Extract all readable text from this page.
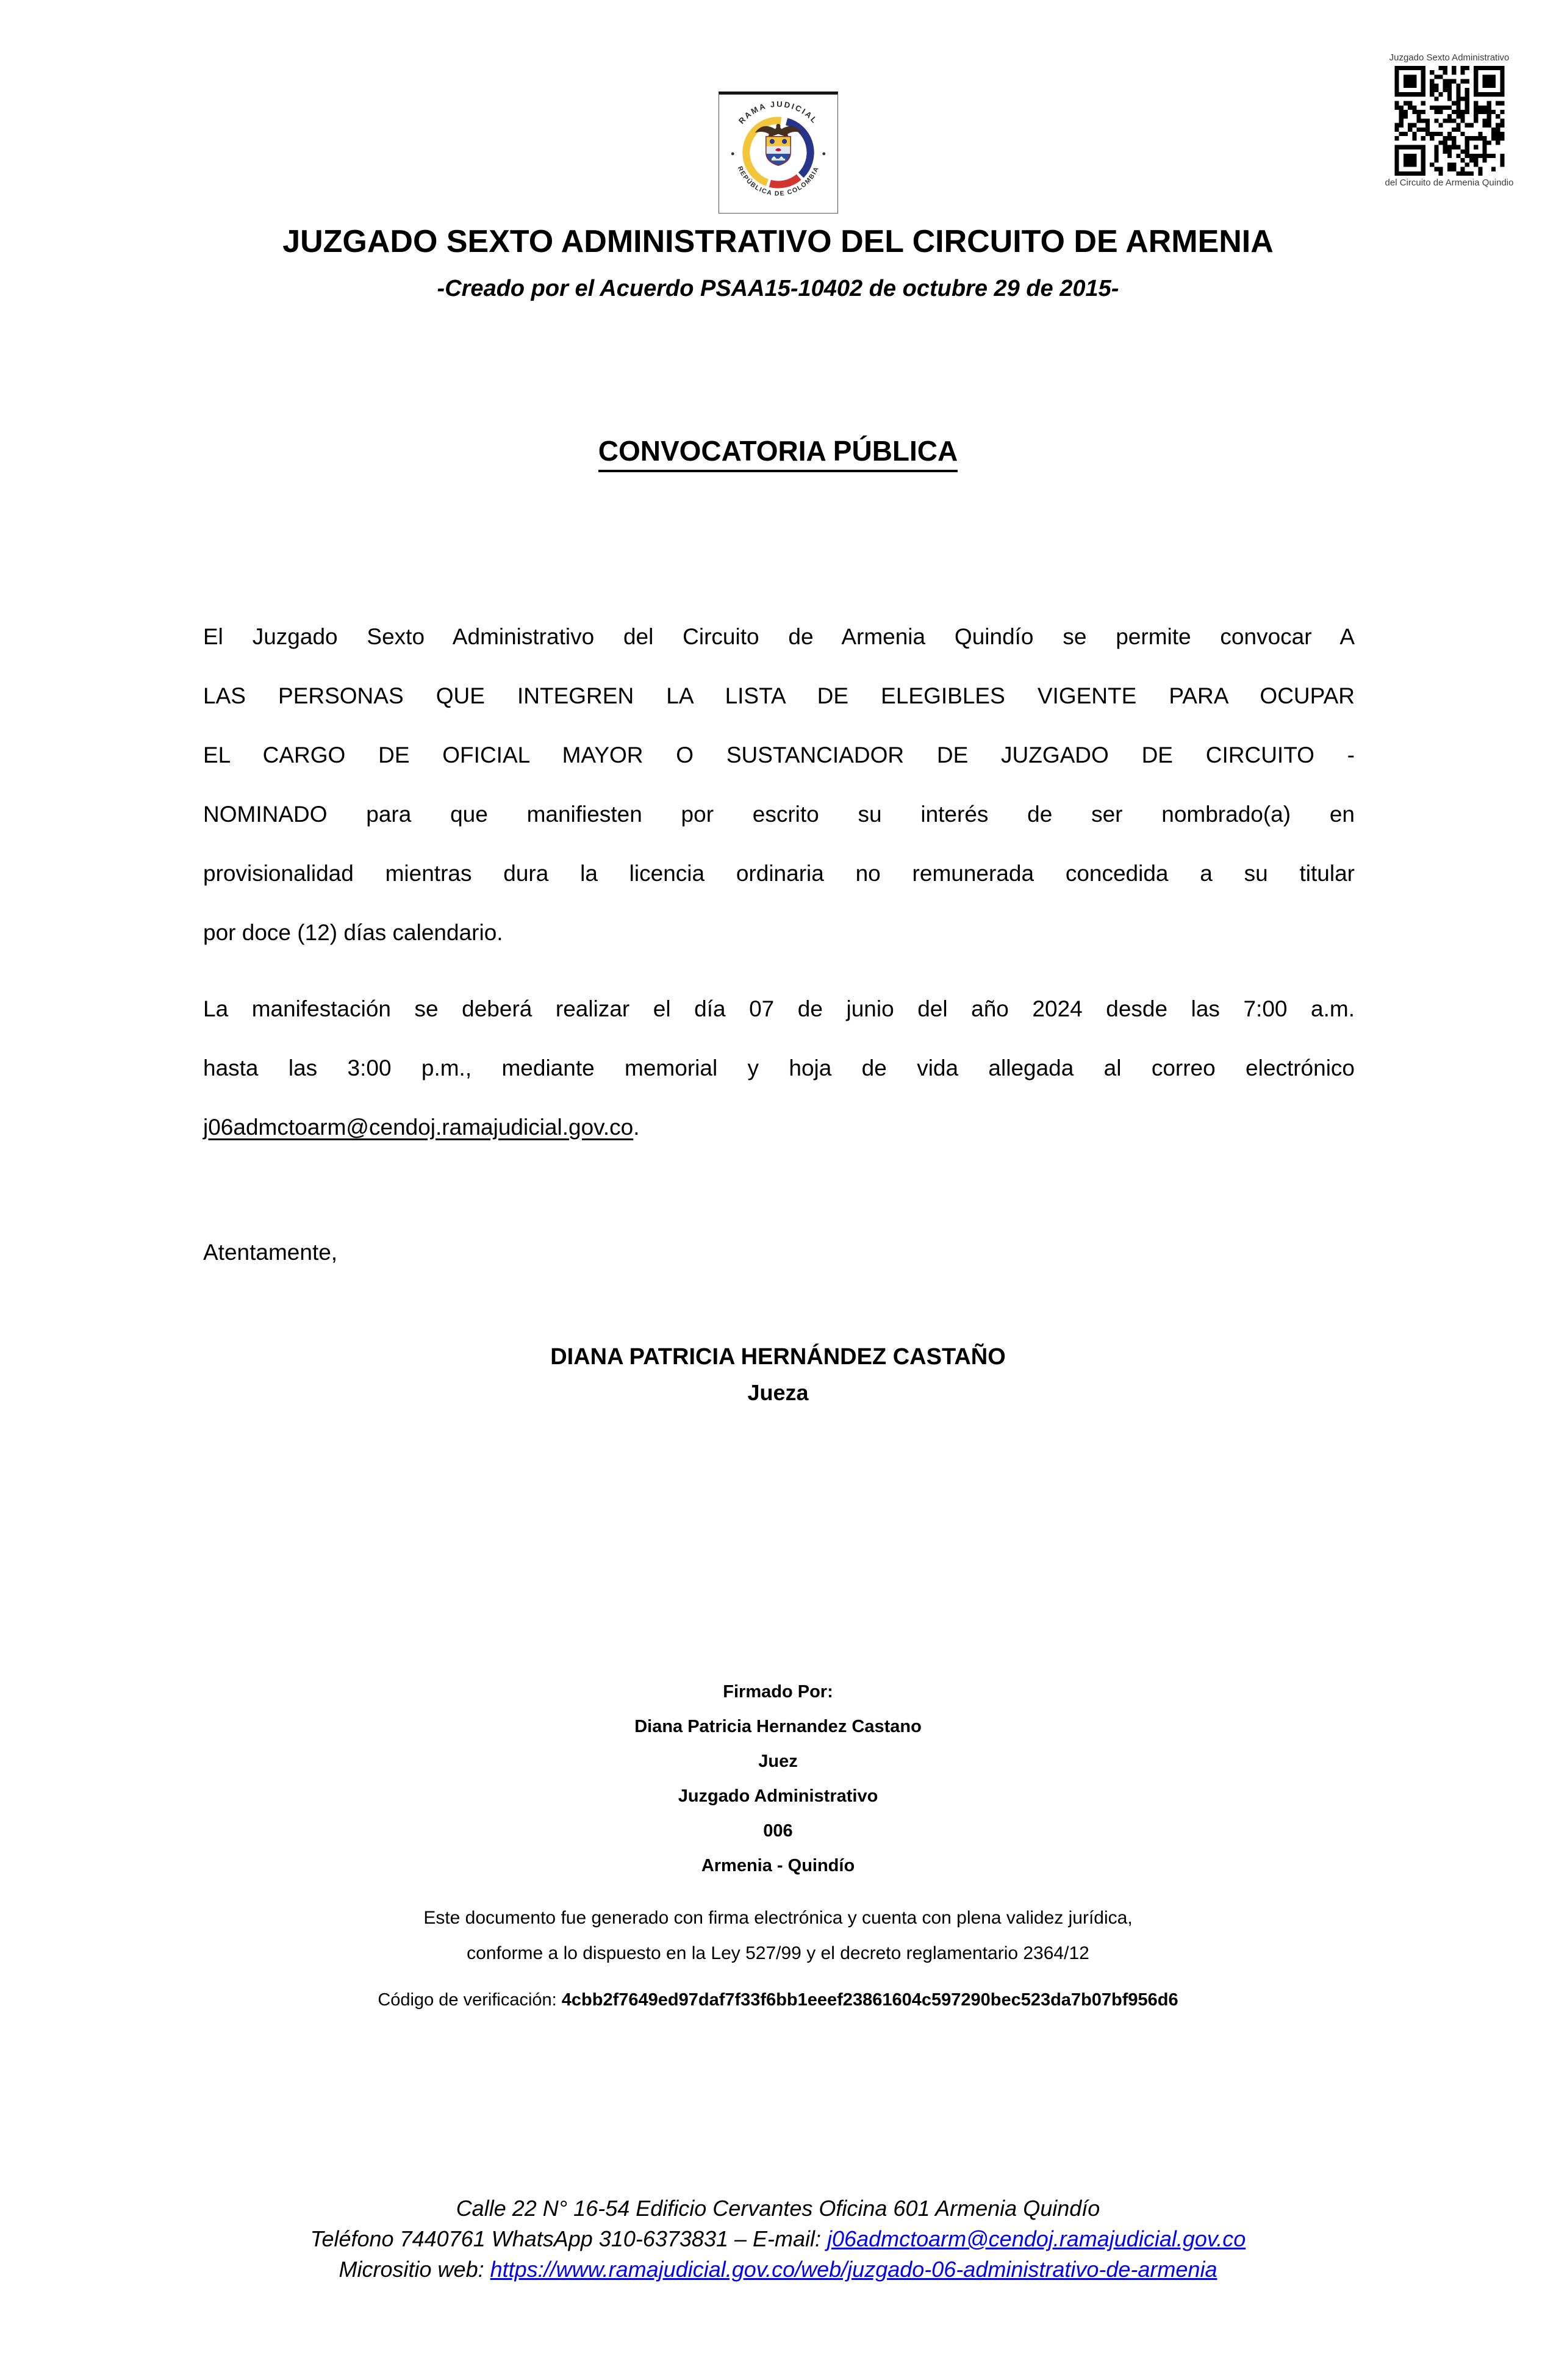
Juzgado Sexto Administrativo
del Circuito de Armenia Quindio
RAMA JUDICIAL
REPÚBLICA DE COLOMBIA
JUZGADO SEXTO ADMINISTRATIVO DEL CIRCUITO DE ARMENIA
-Creado por el Acuerdo PSAA15-10402 de octubre 29 de 2015-
CONVOCATORIA PÚBLICA
El Juzgado Sexto Administrativo del Circuito de Armenia Quindío se permite convocar A
LAS PERSONAS QUE INTEGREN LA LISTA DE ELEGIBLES VIGENTE PARA OCUPAR
EL CARGO DE OFICIAL MAYOR O SUSTANCIADOR DE JUZGADO DE CIRCUITO -
NOMINADO para que manifiesten por escrito su interés de ser nombrado(a) en
provisionalidad mientras dura la licencia ordinaria no remunerada concedida a su titular
por doce (12) días calendario.
La manifestación se deberá realizar el día 07 de junio del año 2024 desde las 7:00 a.m.
hasta las 3:00 p.m., mediante memorial y hoja de vida allegada al correo electrónico
j06admctoarm@cendoj.ramajudicial.gov.co.
Atentamente,
DIANA PATRICIA HERNÁNDEZ CASTAÑO
Jueza
Firmado Por:
Diana Patricia Hernandez Castano
Juez
Juzgado Administrativo
006
Armenia - Quindío
Este documento fue generado con firma electrónica y cuenta con plena validez jurídica,
conforme a lo dispuesto en la Ley 527/99 y el decreto reglamentario 2364/12
Código de verificación: 4cbb2f7649ed97daf7f33f6bb1eeef23861604c597290bec523da7b07bf956d6
Calle 22 N° 16-54 Edificio Cervantes Oficina 601 Armenia Quindío
Teléfono 7440761 WhatsApp 310-6373831 – E-mail: j06admctoarm@cendoj.ramajudicial.gov.co
Micrositio web: https://www.ramajudicial.gov.co/web/juzgado-06-administrativo-de-armenia
